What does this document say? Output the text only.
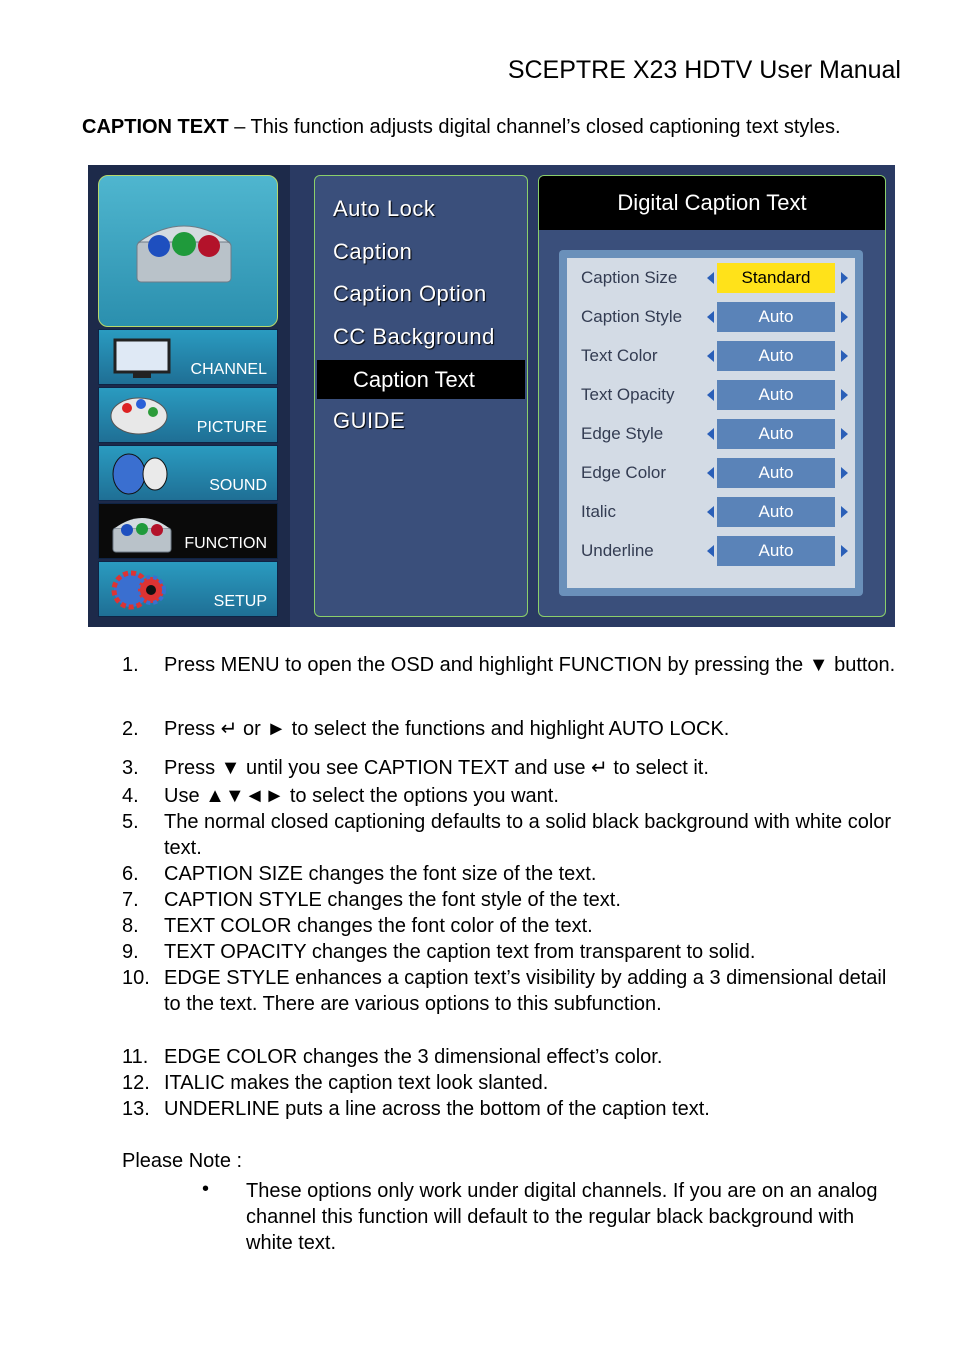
SCEPTRE X23 HDTV User Manual
CAPTION TEXT – This function adjusts digital channel’s closed captioning text styles.
CHANNEL
PICTURE
SOUND
FUNCTION
SETUP
Auto Lock
Caption
Caption Option
CC Background
Caption Text
GUIDE
Digital Caption Text
Caption Size	Standard
Caption Style	Auto
Text Color	Auto
Text Opacity	Auto
Edge Style	Auto
Edge Color	Auto
Italic	Auto
Underline	Auto
1. Press MENU to open the OSD and highlight FUNCTION by pressing the ▼ button.
2. Press ↵ or ► to select the functions and highlight AUTO LOCK.
3. Press ▼ until you see CAPTION TEXT and use ↵ to select it.
4. Use ▲▼◄► to select the options you want.
5. The normal closed captioning defaults to a solid black background with white color text.
6. CAPTION SIZE changes the font size of the text.
7. CAPTION STYLE changes the font style of the text.
8. TEXT COLOR changes the font color of the text.
9. TEXT OPACITY changes the caption text from transparent to solid.
10. EDGE STYLE enhances a caption text’s visibility by adding a 3 dimensional detail to the text. There are various options to this subfunction.
11. EDGE COLOR changes the 3 dimensional effect’s color.
12. ITALIC makes the caption text look slanted.
13. UNDERLINE puts a line across the bottom of the caption text.
Please Note :
• These options only work under digital channels. If you are on an analog channel this function will default to the regular black background with white text.
